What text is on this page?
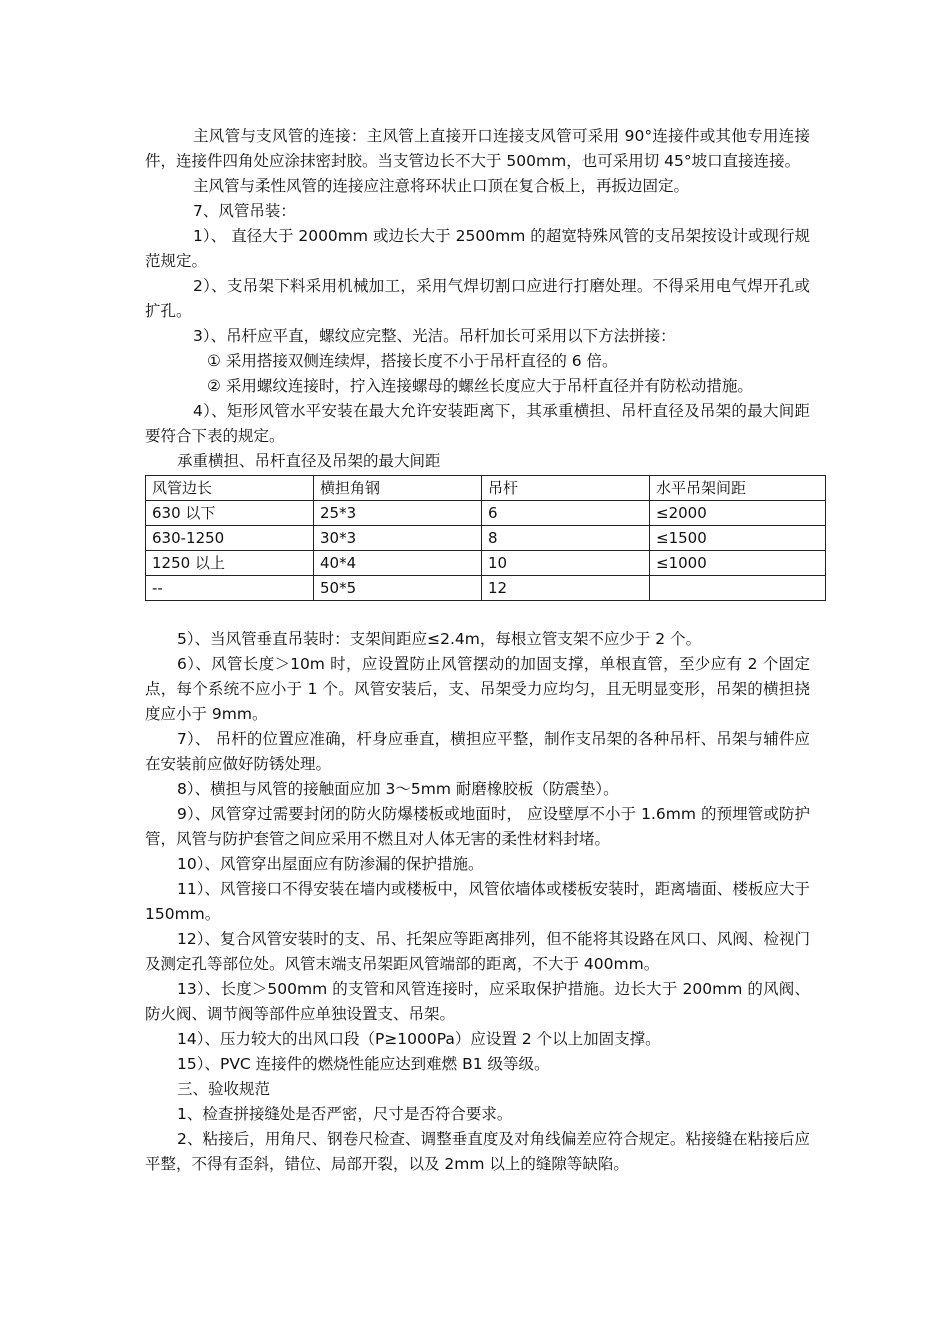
主风管与支风管的连接：主风管上直接开口连接支风管可采用 90°连接件或其他专用连接件，连接件四角处应涂抹密封胶。当支管边长不大于 500mm，也可采用切 45°坡口直接连接。

主风管与柔性风管的连接应注意将环状止口顶在复合板上，再扳边固定。

7、风管吊装：

1）、 直径大于 2000mm 或边长大于 2500mm 的超宽特殊风管的支吊架按设计或现行规范规定。

2）、支吊架下料采用机械加工，采用气焊切割口应进行打磨处理。不得采用电气焊开孔或扩孔。

3）、吊杆应平直，螺纹应完整、光洁。吊杆加长可采用以下方法拼接：

① 采用搭接双侧连续焊，搭接长度不小于吊杆直径的 6 倍。

② 采用螺纹连接时，拧入连接螺母的螺丝长度应大于吊杆直径并有防松动措施。

4）、矩形风管水平安装在最大允许安装距离下，其承重横担、吊杆直径及吊架的最大间距要符合下表的规定。

承重横担、吊杆直径及吊架的最大间距

风管边长	横担角钢	吊杆	水平吊架间距
630 以下	25*3	6	≤2000
630-1250	30*3	8	≤1500
1250 以上	40*4	10	≤1000
--	50*5	12	

5）、当风管垂直吊装时：支架间距应≤2.4m，每根立管支架不应少于 2 个。

6）、风管长度＞10m 时，应设置防止风管摆动的加固支撑，单根直管，至少应有 2 个固定点，每个系统不应小于 1 个。风管安装后，支、吊架受力应均匀，且无明显变形，吊架的横担挠度应小于 9mm。

7）、 吊杆的位置应准确，杆身应垂直，横担应平整，制作支吊架的各种吊杆、吊架与辅件应在安装前应做好防锈处理。

8）、横担与风管的接触面应加 3～5mm 耐磨橡胶板（防震垫）。

9）、风管穿过需要封闭的防火防爆楼板或地面时， 应设壁厚不小于 1.6mm 的预埋管或防护管，风管与防护套管之间应采用不燃且对人体无害的柔性材料封堵。

10）、风管穿出屋面应有防渗漏的保护措施。

11）、风管接口不得安装在墙内或楼板中，风管依墙体或楼板安装时，距离墙面、楼板应大于 150mm。

12）、复合风管安装时的支、吊、托架应等距离排列，但不能将其设路在风口、风阀、检视门及测定孔等部位处。风管末端支吊架距风管端部的距离，不大于 400mm。

13）、长度＞500mm 的支管和风管连接时，应采取保护措施。边长大于 200mm 的风阀、防火阀、调节阀等部件应单独设置支、吊架。

14）、压力较大的出风口段（P≥1000Pa）应设置 2 个以上加固支撑。

15）、PVC 连接件的燃烧性能应达到难燃 B1 级等级。

三、验收规范

1、检查拼接缝处是否严密，尺寸是否符合要求。

2、粘接后，用角尺、钢卷尺检查、调整垂直度及对角线偏差应符合规定。粘接缝在粘接后应平整，不得有歪斜，错位、局部开裂，以及 2mm 以上的缝隙等缺陷。
